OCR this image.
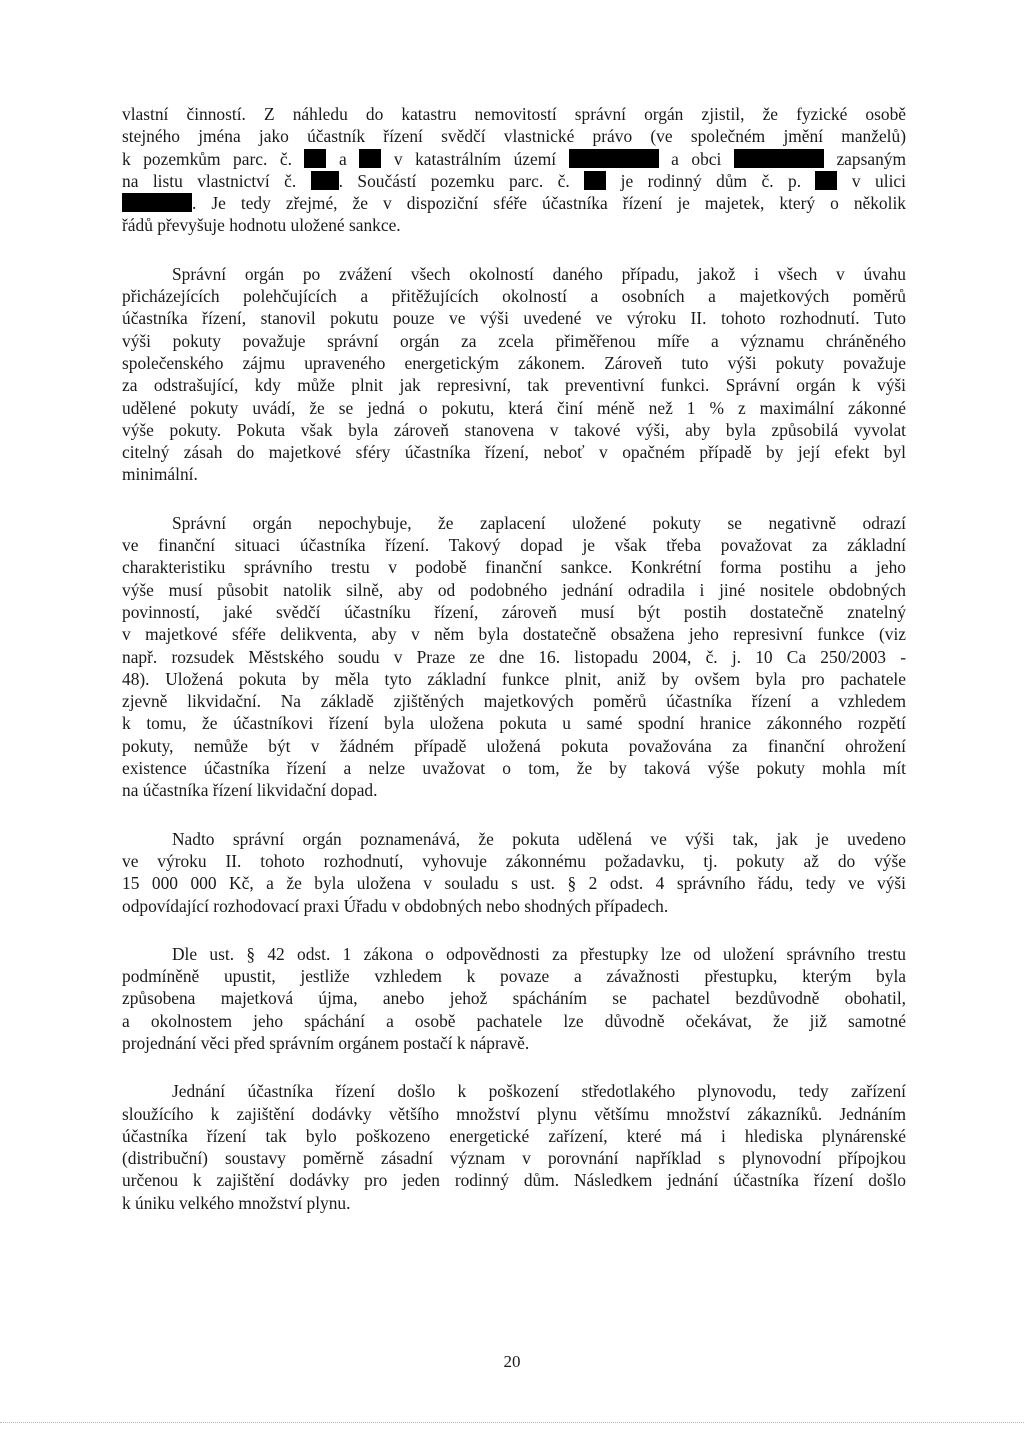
vlastní činností. Z náhledu do katastru nemovitostí správní orgán zjistil, že fyzické osobě
stejného jména jako účastník řízení svědčí vlastnické právo (ve společném jmění manželů)
k pozemkům parc. č.	a	v katastrálním území	a obci	zapsaným
na listu vlastnictví č. . Součástí pozemku parc. č.	je rodinný dům č. p.	v ulici
. Je tedy zřejmé, že v dispoziční sféře účastníka řízení je majetek, který o několik
řádů převyšuje hodnotu uložené sankce.

Správní orgán po zvážení všech okolností daného případu, jakož i všech v úvahu
přicházejících polehčujících a přitěžujících okolností a osobních a majetkových poměrů
účastníka řízení, stanovil pokutu pouze ve výši uvedené ve výroku II. tohoto rozhodnutí. Tuto
výši pokuty považuje správní orgán za zcela přiměřenou míře a významu chráněného
společenského zájmu upraveného energetickým zákonem. Zároveň tuto výši pokuty považuje
za odstrašující, kdy může plnit jak represivní, tak preventivní funkci. Správní orgán k výši
udělené pokuty uvádí, že se jedná o pokutu, která činí méně než 1 % z maximální zákonné
výše pokuty. Pokuta však byla zároveň stanovena v takové výši, aby byla způsobilá vyvolat
citelný zásah do majetkové sféry účastníka řízení, neboť v opačném případě by její efekt byl
minimální.

Správní orgán nepochybuje, že zaplacení uložené pokuty se negativně odrazí
ve finanční situaci účastníka řízení. Takový dopad je však třeba považovat za základní
charakteristiku správního trestu v podobě finanční sankce. Konkrétní forma postihu a jeho
výše musí působit natolik silně, aby od podobného jednání odradila i jiné nositele obdobných
povinností, jaké svědčí účastníku řízení, zároveň musí být postih dostatečně znatelný
v majetkové sféře delikventa, aby v něm byla dostatečně obsažena jeho represivní funkce (viz
např. rozsudek Městského soudu v Praze ze dne 16. listopadu 2004, č. j. 10 Ca 250/2003 -
48). Uložená pokuta by měla tyto základní funkce plnit, aniž by ovšem byla pro pachatele
zjevně likvidační. Na základě zjištěných majetkových poměrů účastníka řízení a vzhledem
k tomu, že účastníkovi řízení byla uložena pokuta u samé spodní hranice zákonného rozpětí
pokuty, nemůže být v žádném případě uložená pokuta považována za finanční ohrožení
existence účastníka řízení a nelze uvažovat o tom, že by taková výše pokuty mohla mít
na účastníka řízení likvidační dopad.

Nadto správní orgán poznamenává, že pokuta udělená ve výši tak, jak je uvedeno
ve výroku II. tohoto rozhodnutí, vyhovuje zákonnému požadavku, tj. pokuty až do výše
15 000 000 Kč, a že byla uložena v souladu s ust. § 2 odst. 4 správního řádu, tedy ve výši
odpovídající rozhodovací praxi Úřadu v obdobných nebo shodných případech.

Dle ust. § 42 odst. 1 zákona o odpovědnosti za přestupky lze od uložení správního trestu
podmíněně upustit, jestliže vzhledem k povaze a závažnosti přestupku, kterým byla
způsobena majetková újma, anebo jehož spácháním se pachatel bezdůvodně obohatil,
a okolnostem jeho spáchání a osobě pachatele lze důvodně očekávat, že již samotné
projednání věci před správním orgánem postačí k nápravě.

Jednání účastníka řízení došlo k poškození středotlakého plynovodu, tedy zařízení
sloužícího k zajištění dodávky většího množství plynu většímu množství zákazníků. Jednáním
účastníka řízení tak bylo poškozeno energetické zařízení, které má i hlediska plynárenské
(distribuční) soustavy poměrně zásadní význam v porovnání například s plynovodní přípojkou
určenou k zajištění dodávky pro jeden rodinný dům. Následkem jednání účastníka řízení došlo
k úniku velkého množství plynu.

20
